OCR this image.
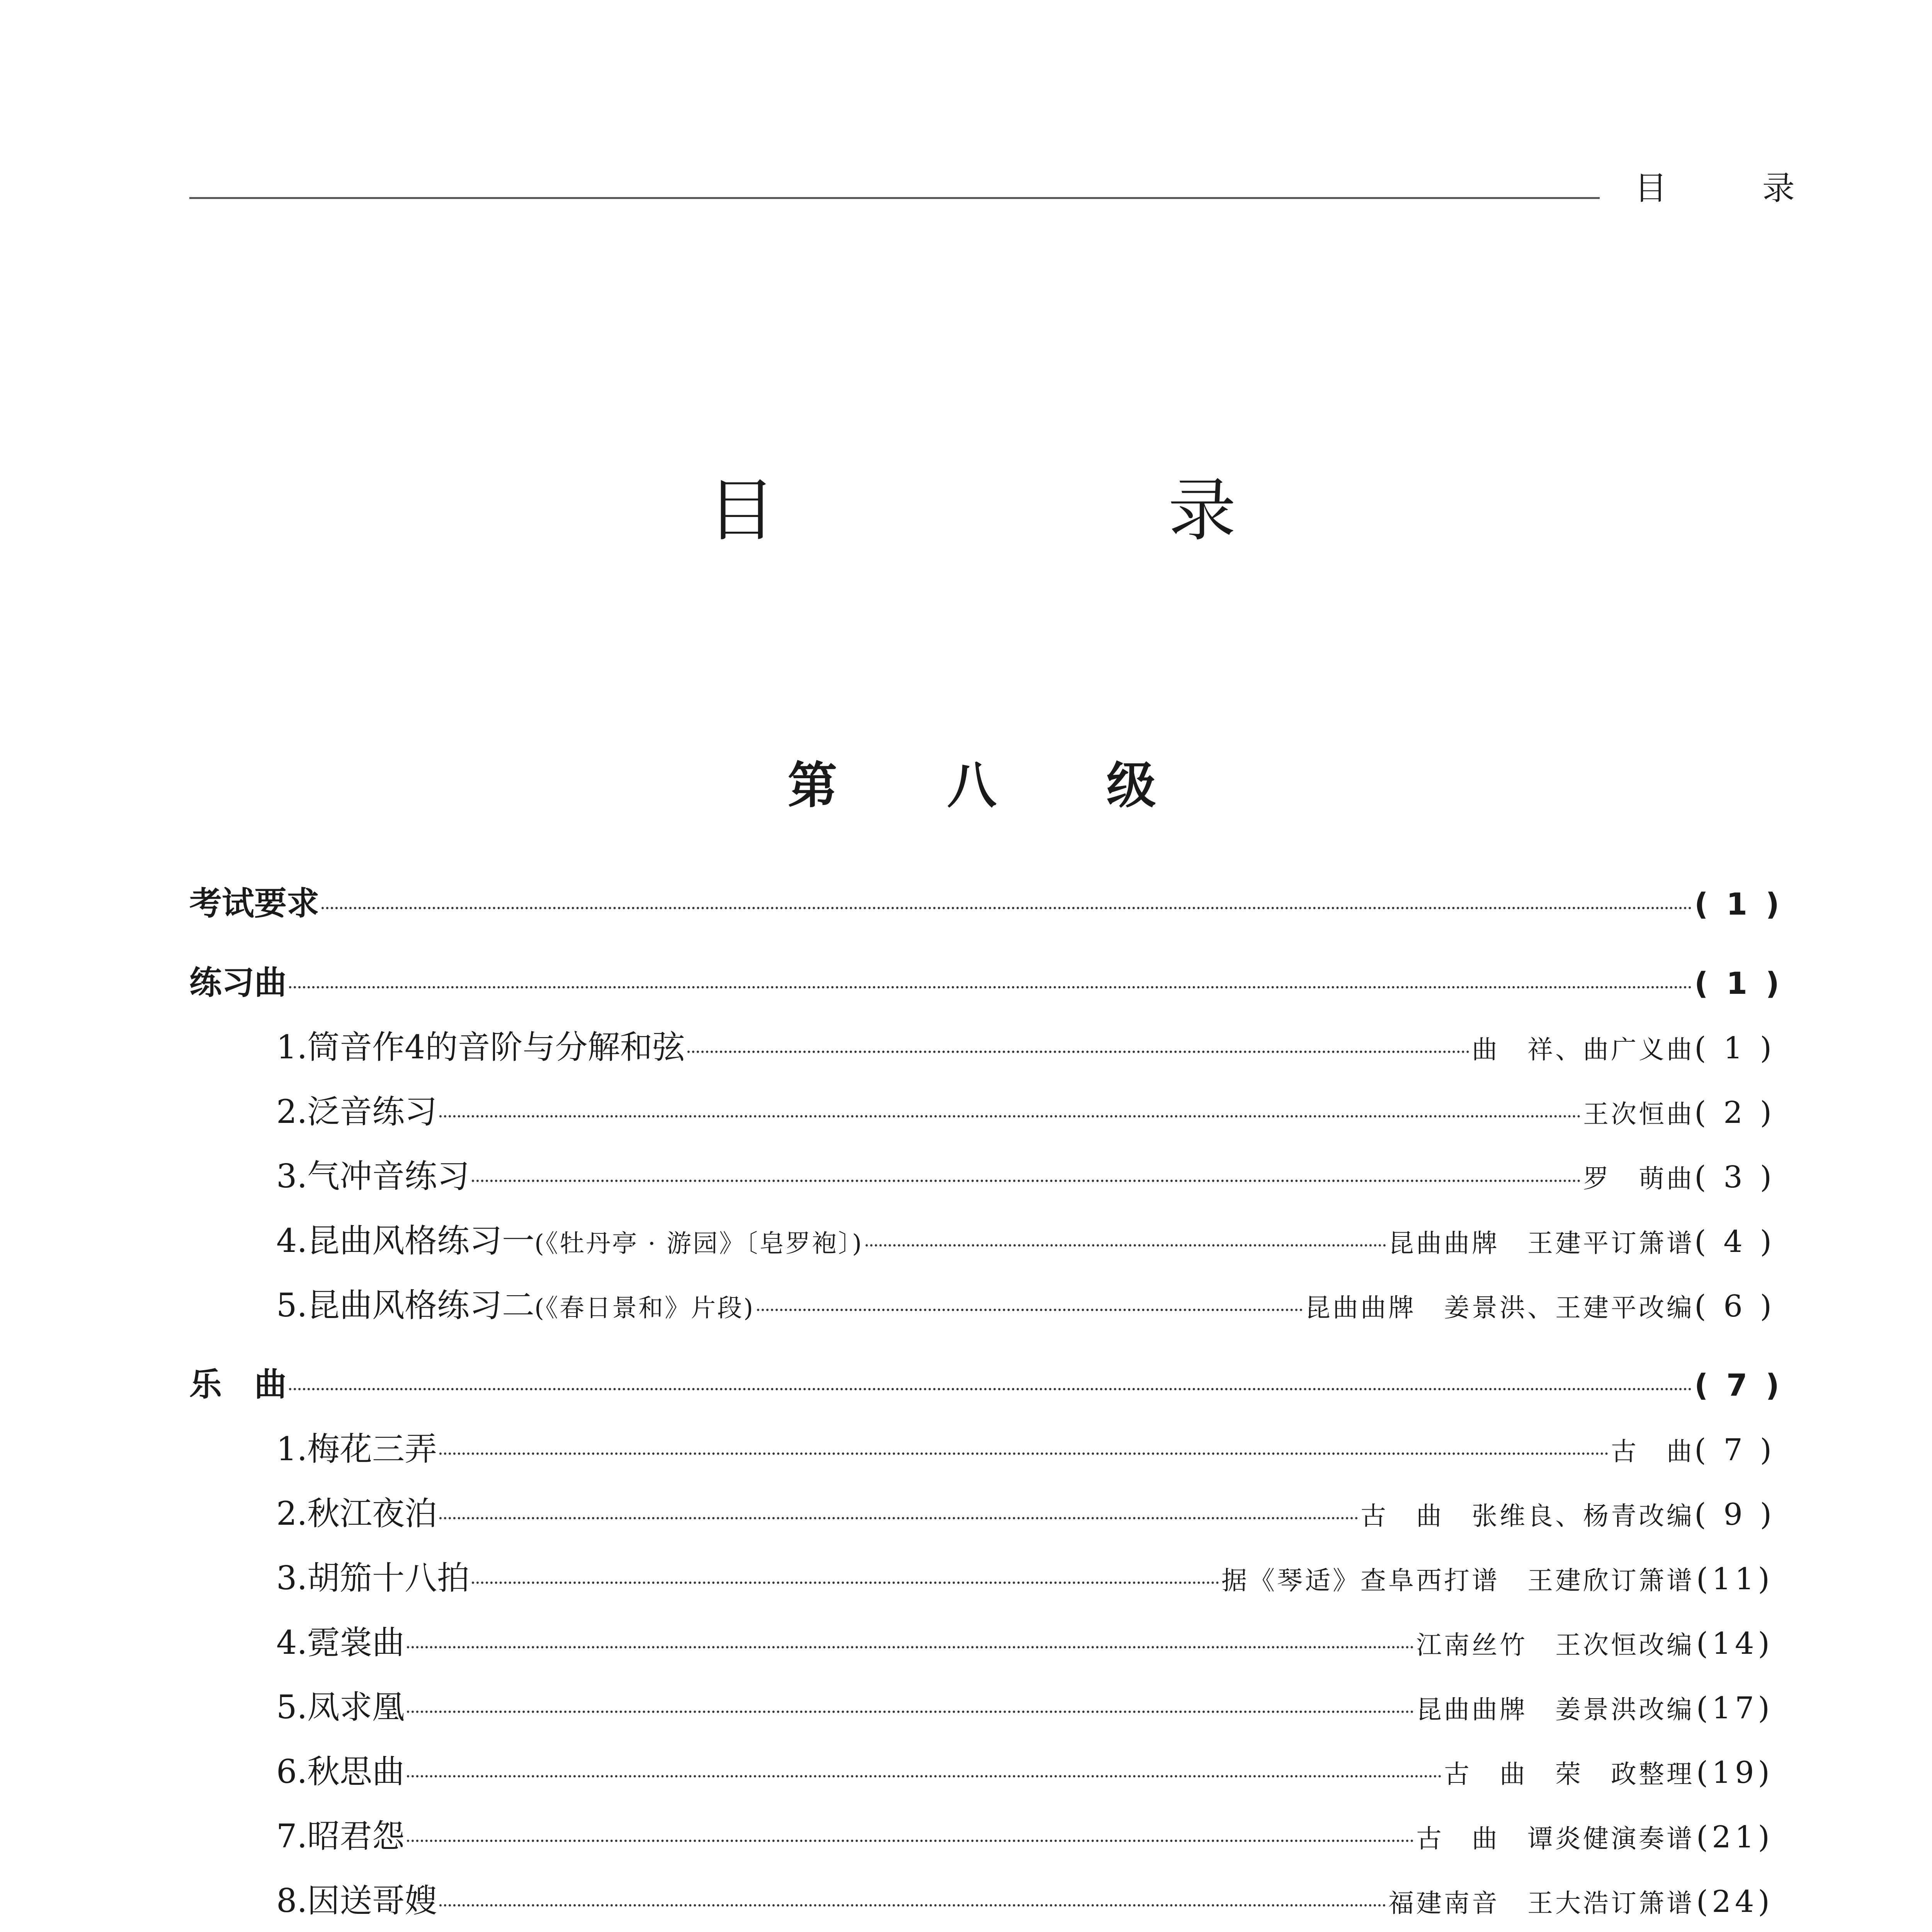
目 录
目 录
第 八 级
考试要求	( 1 )
练习曲	( 1 )
1. 筒音作4的音阶与分解和弦	曲　祥、曲广义曲 ( 1 )
2. 泛音练习	王次恒曲 ( 2 )
3. 气冲音练习	罗　萌曲 ( 3 )
4. 昆曲风格练习一 (《牡丹亭 · 游园》〔皂罗袍〕)	昆曲曲牌　王建平订箫谱 ( 4 )
5. 昆曲风格练习二 (《春日景和》片段)	昆曲曲牌　姜景洪、王建平改编 ( 6 )
乐　曲	( 7 )
1. 梅花三弄	古　曲 ( 7 )
2. 秋江夜泊	古　曲　张维良、杨青改编 ( 9 )
3. 胡笳十八拍	据《琴适》查阜西打谱　王建欣订箫谱 (11)
4. 霓裳曲	江南丝竹　王次恒改编 (14)
5. 凤求凰	昆曲曲牌　姜景洪改编 (17)
6. 秋思曲	古　曲　荣　政整理 (19)
7. 昭君怨	古　曲　谭炎健演奏谱 (21)
8. 因送哥嫂	福建南音　王大浩订箫谱 (24)
